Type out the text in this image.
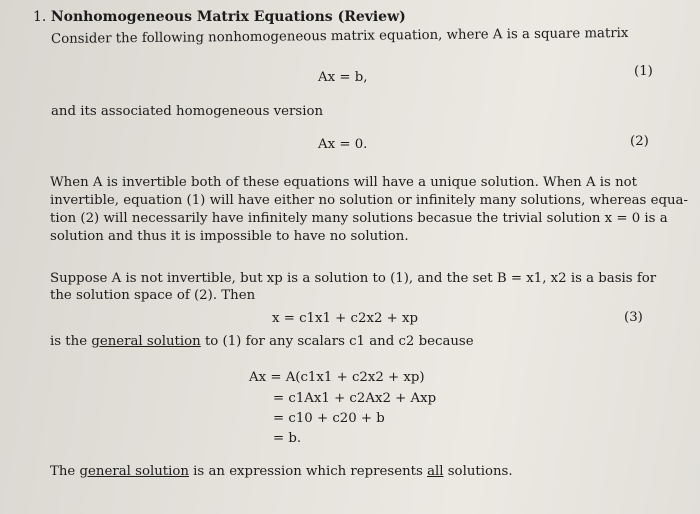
1. Nonhomogeneous Matrix Equations (Review)
Consider the following nonhomogeneous matrix equation, where A is a square matrix
Ax = b,	(1)
and its associated homogeneous version
Ax = 0.	(2)
When A is invertible both of these equations will have a unique solution. When A is not
invertible, equation (1) will have either no solution or infinitely many solutions, whereas equa-
tion (2) will necessarily have infinitely many solutions becasue the trivial solution x = 0 is a
solution and thus it is impossible to have no solution.
Suppose A is not invertible, but xp is a solution to (1), and the set B = x1, x2 is a basis for
the solution space of (2). Then
x = c1x1 + c2x2 + xp	(3)
is the general solution to (1) for any scalars c1 and c2 because
Ax = A(c1x1 + c2x2 + xp)
= c1Ax1 + c2Ax2 + Axp
= c10 + c20 + b
= b.
The general solution is an expression which represents all solutions.
